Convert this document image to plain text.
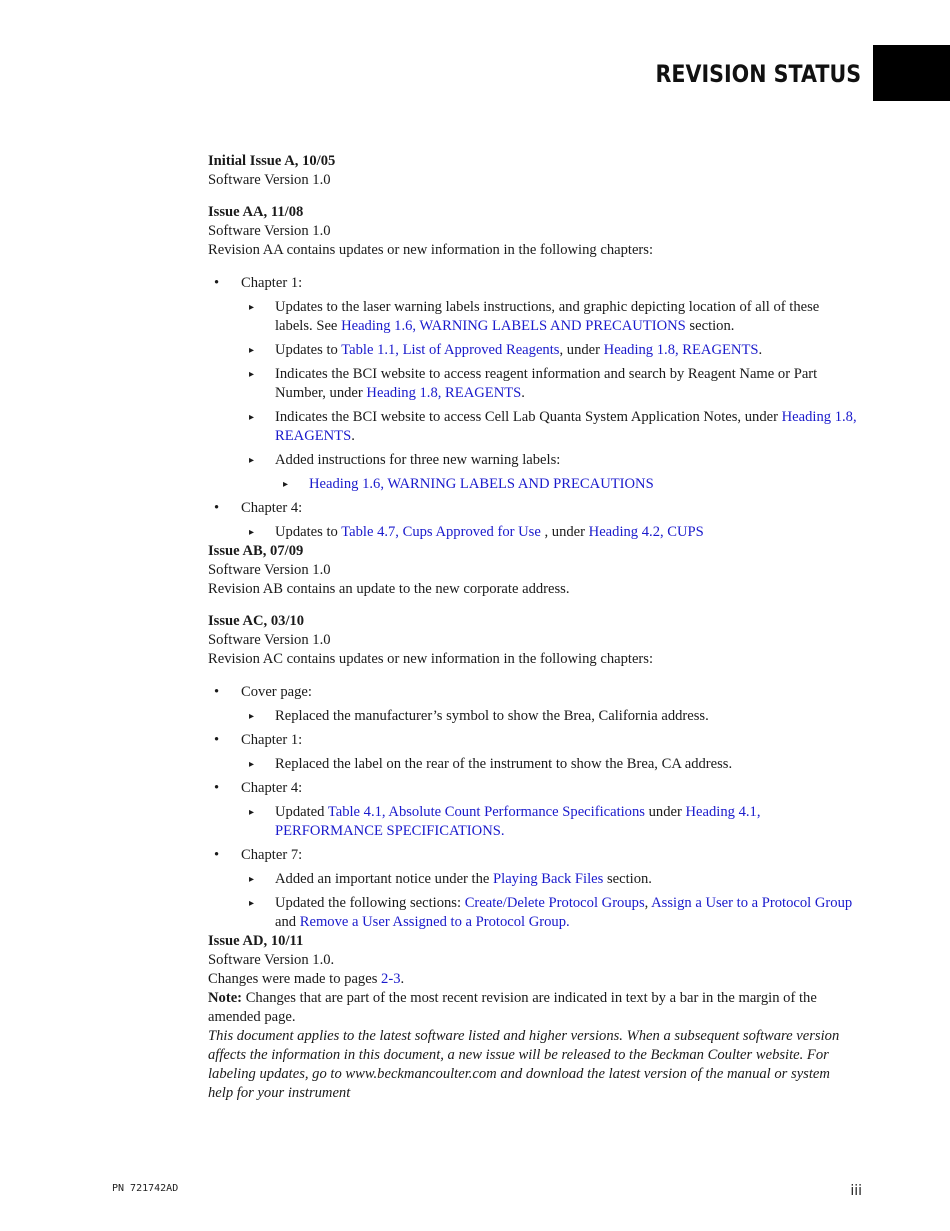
REVISION STATUS

Initial Issue A, 10/05

Software Version 1.0

Issue AA, 11/08

Software Version 1.0

Revision AA contains updates or new information in the following chapters:

• Chapter 1:
▸ Updates to the laser warning labels instructions, and graphic depicting location of all of these labels. See Heading 1.6, WARNING LABELS AND PRECAUTIONS section.
▸ Updates to Table 1.1, List of Approved Reagents, under Heading 1.8, REAGENTS.
▸ Indicates the BCI website to access reagent information and search by Reagent Name or Part Number, under Heading 1.8, REAGENTS.
▸ Indicates the BCI website to access Cell Lab Quanta System Application Notes, under Heading 1.8, REAGENTS.
▸ Added instructions for three new warning labels:
▸ Heading 1.6, WARNING LABELS AND PRECAUTIONS
• Chapter 4:
▸ Updates to Table 4.7, Cups Approved for Use , under Heading 4.2, CUPS

Issue AB, 07/09

Software Version 1.0

Revision AB contains an update to the new corporate address.

Issue AC, 03/10

Software Version 1.0

Revision AC contains updates or new information in the following chapters:

• Cover page:
▸ Replaced the manufacturer’s symbol to show the Brea, California address.
• Chapter 1:
▸ Replaced the label on the rear of the instrument to show the Brea, CA address.
• Chapter 4:
▸ Updated Table 4.1, Absolute Count Performance Specifications under Heading 4.1, PERFORMANCE SPECIFICATIONS.
• Chapter 7:
▸ Added an important notice under the Playing Back Files section.
▸ Updated the following sections: Create/Delete Protocol Groups, Assign a User to a Protocol Group and Remove a User Assigned to a Protocol Group.

Issue AD, 10/11

Software Version 1.0.

Changes were made to pages 2-3.

Note: Changes that are part of the most recent revision are indicated in text by a bar in the margin of the amended page.

This document applies to the latest software listed and higher versions. When a subsequent software version affects the information in this document, a new issue will be released to the Beckman Coulter website. For labeling updates, go to www.beckmancoulter.com and download the latest version of the manual or system help for your instrument

PN 721742AD	iii
